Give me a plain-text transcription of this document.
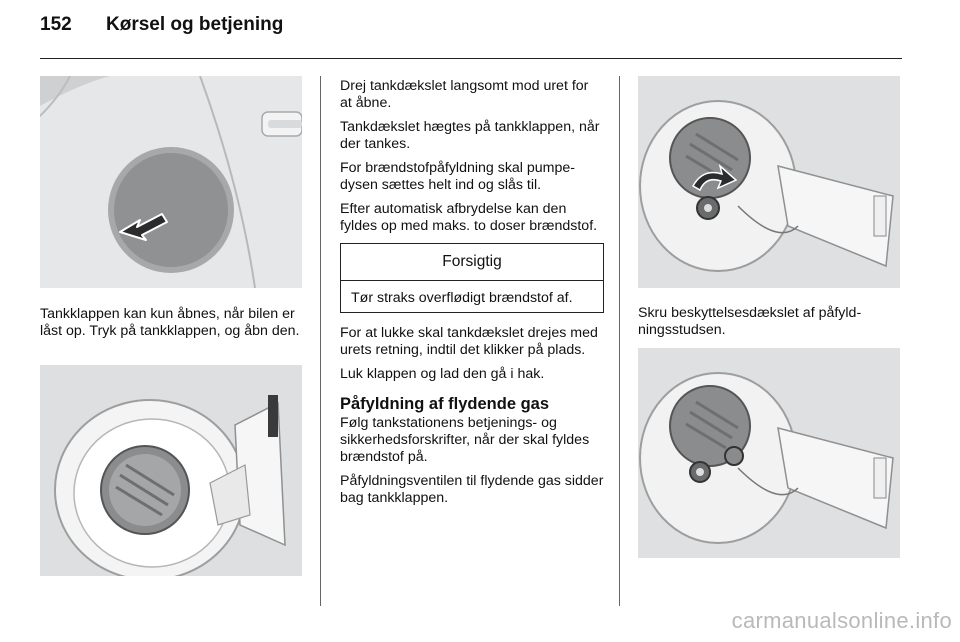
152	Kørsel og betjening

Tankklappen kan kun åbnes, når bilen er låst op. Tryk på tankklappen, og åbn den.

Drej tankdækslet langsomt mod uret for at åbne.

Tankdækslet hægtes på tankklappen, når der tankes.

For brændstofpåfyldning skal pumpedysen sættes helt ind og slås til.

Efter automatisk afbrydelse kan den fyldes op med maks. to doser brændstof.

Forsigtig
Tør straks overflødigt brændstof af.

For at lukke skal tankdækslet drejes med urets retning, indtil det klikker på plads.

Luk klappen og lad den gå i hak.

Påfyldning af flydende gas

Følg tankstationens betjenings- og sikkerhedsforskrifter, når der skal fyldes brændstof på.

Påfyldningsventilen til flydende gas sidder bag tankklappen.

Skru beskyttelsesdækslet af påfyldningsstudsen.

carmanualsonline.info
